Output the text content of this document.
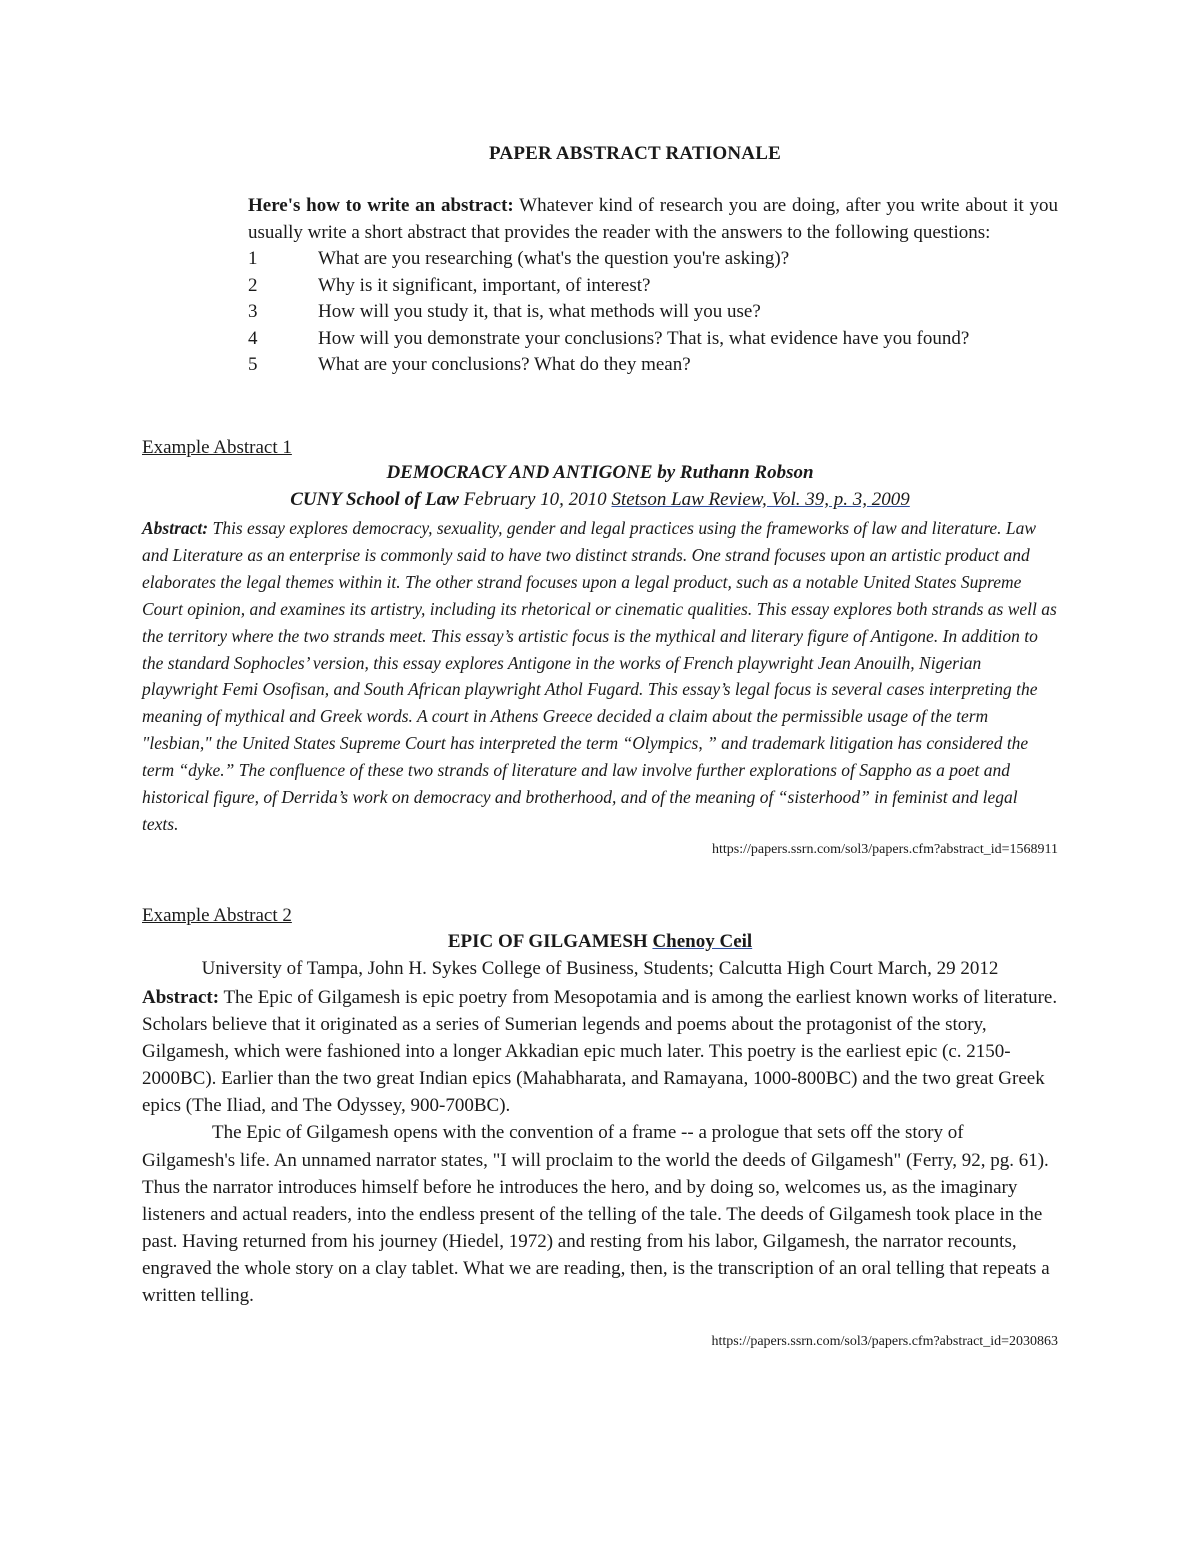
PAPER ABSTRACT RATIONALE
Here's how to write an abstract: Whatever kind of research you are doing, after you write about it you usually write a short abstract that provides the reader with the answers to the following questions:
1	What are you researching (what's the question you're asking)?
2	Why is it significant, important, of interest?
3	How will you study it, that is, what methods will you use?
4	How will you demonstrate your conclusions? That is, what evidence have you found?
5	What are your conclusions? What do they mean?
Example Abstract 1
DEMOCRACY AND ANTIGONE by Ruthann Robson
CUNY School of Law February 10, 2010 Stetson Law Review, Vol. 39, p. 3, 2009
Abstract: This essay explores democracy, sexuality, gender and legal practices using the frameworks of law and literature. Law and Literature as an enterprise is commonly said to have two distinct strands. One strand focuses upon an artistic product and elaborates the legal themes within it. The other strand focuses upon a legal product, such as a notable United States Supreme Court opinion, and examines its artistry, including its rhetorical or cinematic qualities. This essay explores both strands as well as the territory where the two strands meet. This essay’s artistic focus is the mythical and literary figure of Antigone. In addition to the standard Sophocles’ version, this essay explores Antigone in the works of French playwright Jean Anouilh, Nigerian playwright Femi Osofisan, and South African playwright Athol Fugard. This essay’s legal focus is several cases interpreting the meaning of mythical and Greek words. A court in Athens Greece decided a claim about the permissible usage of the term "lesbian," the United States Supreme Court has interpreted the term “Olympics, ” and trademark litigation has considered the term “dyke.” The confluence of these two strands of literature and law involve further explorations of Sappho as a poet and historical figure, of Derrida’s work on democracy and brotherhood, and of the meaning of “sisterhood” in feminist and legal texts.
https://papers.ssrn.com/sol3/papers.cfm?abstract_id=1568911
Example Abstract 2
EPIC OF GILGAMESH Chenoy Ceil
University of Tampa, John H. Sykes College of Business, Students; Calcutta High Court March, 29 2012

Abstract: The Epic of Gilgamesh is epic poetry from Mesopotamia and is among the earliest known works of literature. Scholars believe that it originated as a series of Sumerian legends and poems about the protagonist of the story, Gilgamesh, which were fashioned into a longer Akkadian epic much later. This poetry is the earliest epic (c. 2150-2000BC). Earlier than the two great Indian epics (Mahabharata, and Ramayana, 1000-800BC) and the two great Greek epics (The Iliad, and The Odyssey, 900-700BC).

The Epic of Gilgamesh opens with the convention of a frame -- a prologue that sets off the story of Gilgamesh's life. An unnamed narrator states, "I will proclaim to the world the deeds of Gilgamesh" (Ferry, 92, pg. 61). Thus the narrator introduces himself before he introduces the hero, and by doing so, welcomes us, as the imaginary listeners and actual readers, into the endless present of the telling of the tale. The deeds of Gilgamesh took place in the past. Having returned from his journey (Hiedel, 1972) and resting from his labor, Gilgamesh, the narrator recounts, engraved the whole story on a clay tablet. What we are reading, then, is the transcription of an oral telling that repeats a written telling.

https://papers.ssrn.com/sol3/papers.cfm?abstract_id=2030863
